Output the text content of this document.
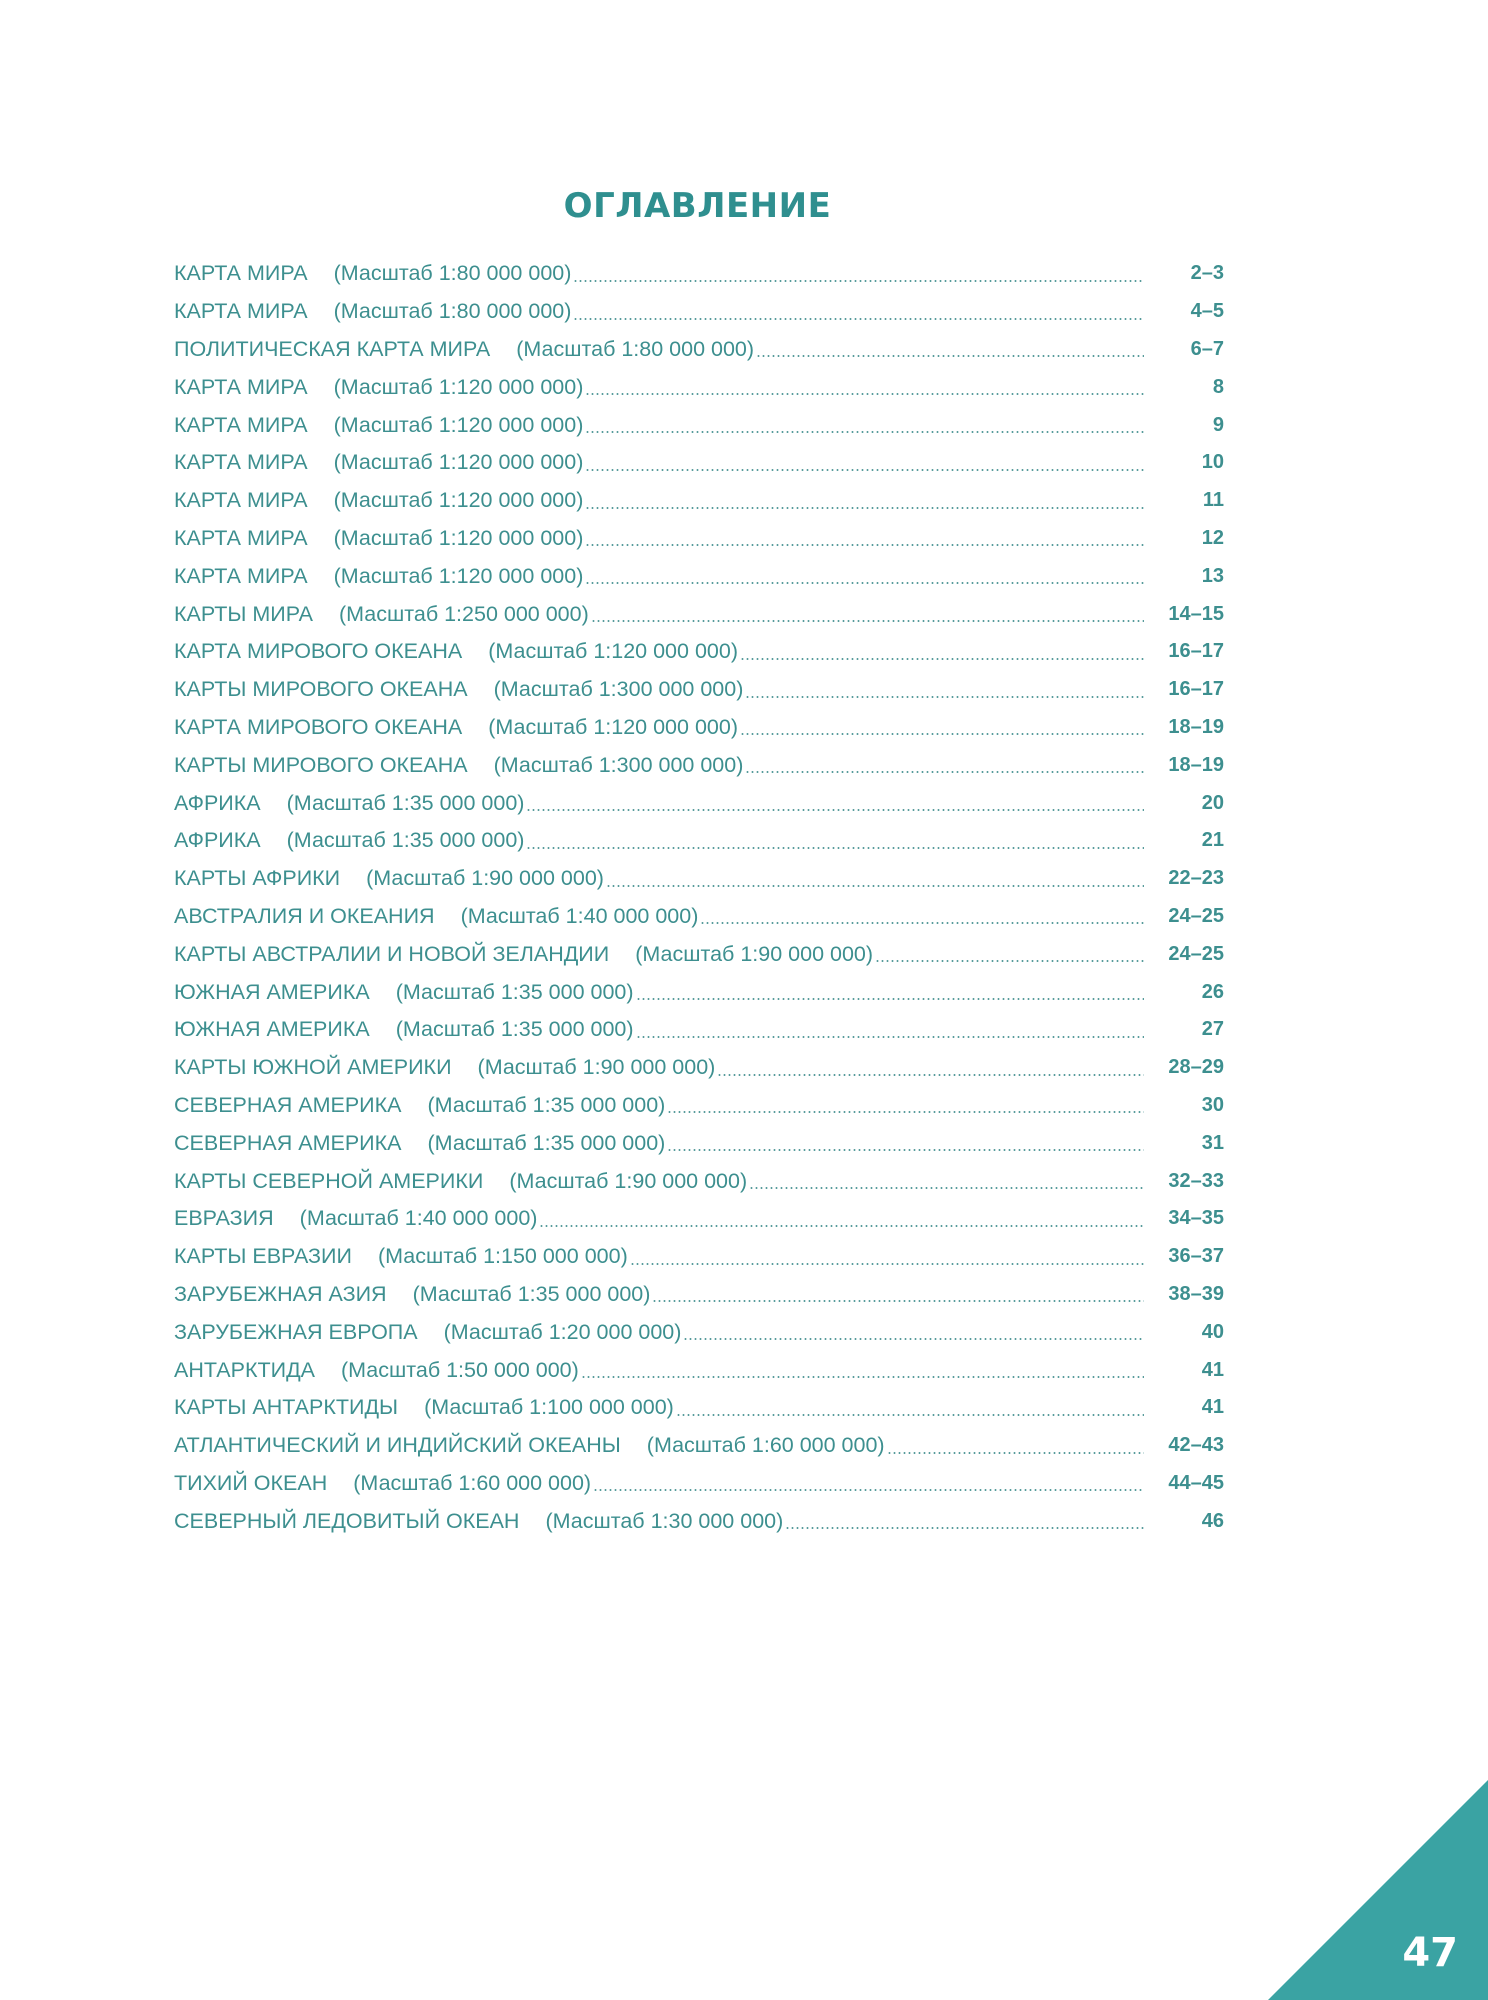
ОГЛАВЛЕНИЕ
КАРТА МИРА (Масштаб 1:80 000 000)	2–3
КАРТА МИРА (Масштаб 1:80 000 000)	4–5
ПОЛИТИЧЕСКАЯ КАРТА МИРА (Масштаб 1:80 000 000)	6–7
КАРТА МИРА (Масштаб 1:120 000 000)	8
КАРТА МИРА (Масштаб 1:120 000 000)	9
КАРТА МИРА (Масштаб 1:120 000 000)	10
КАРТА МИРА (Масштаб 1:120 000 000)	11
КАРТА МИРА (Масштаб 1:120 000 000)	12
КАРТА МИРА (Масштаб 1:120 000 000)	13
КАРТЫ МИРА (Масштаб 1:250 000 000)	14–15
КАРТА МИРОВОГО ОКЕАНА (Масштаб 1:120 000 000)	16–17
КАРТЫ МИРОВОГО ОКЕАНА (Масштаб 1:300 000 000)	16–17
КАРТА МИРОВОГО ОКЕАНА (Масштаб 1:120 000 000)	18–19
КАРТЫ МИРОВОГО ОКЕАНА (Масштаб 1:300 000 000)	18–19
АФРИКА (Масштаб 1:35 000 000)	20
АФРИКА (Масштаб 1:35 000 000)	21
КАРТЫ АФРИКИ (Масштаб 1:90 000 000)	22–23
АВСТРАЛИЯ И ОКЕАНИЯ (Масштаб 1:40 000 000)	24–25
КАРТЫ АВСТРАЛИИ И НОВОЙ ЗЕЛАНДИИ (Масштаб 1:90 000 000)	24–25
ЮЖНАЯ АМЕРИКА (Масштаб 1:35 000 000)	26
ЮЖНАЯ АМЕРИКА (Масштаб 1:35 000 000)	27
КАРТЫ ЮЖНОЙ АМЕРИКИ (Масштаб 1:90 000 000)	28–29
СЕВЕРНАЯ АМЕРИКА (Масштаб 1:35 000 000)	30
СЕВЕРНАЯ АМЕРИКА (Масштаб 1:35 000 000)	31
КАРТЫ СЕВЕРНОЙ АМЕРИКИ (Масштаб 1:90 000 000)	32–33
ЕВРАЗИЯ (Масштаб 1:40 000 000)	34–35
КАРТЫ ЕВРАЗИИ (Масштаб 1:150 000 000)	36–37
ЗАРУБЕЖНАЯ АЗИЯ (Масштаб 1:35 000 000)	38–39
ЗАРУБЕЖНАЯ ЕВРОПА (Масштаб 1:20 000 000)	40
АНТАРКТИДА (Масштаб 1:50 000 000)	41
КАРТЫ АНТАРКТИДЫ (Масштаб 1:100 000 000)	41
АТЛАНТИЧЕСКИЙ И ИНДИЙСКИЙ ОКЕАНЫ (Масштаб 1:60 000 000)	42–43
ТИХИЙ ОКЕАН (Масштаб 1:60 000 000)	44–45
СЕВЕРНЫЙ ЛЕДОВИТЫЙ ОКЕАН (Масштаб 1:30 000 000)	46
47
